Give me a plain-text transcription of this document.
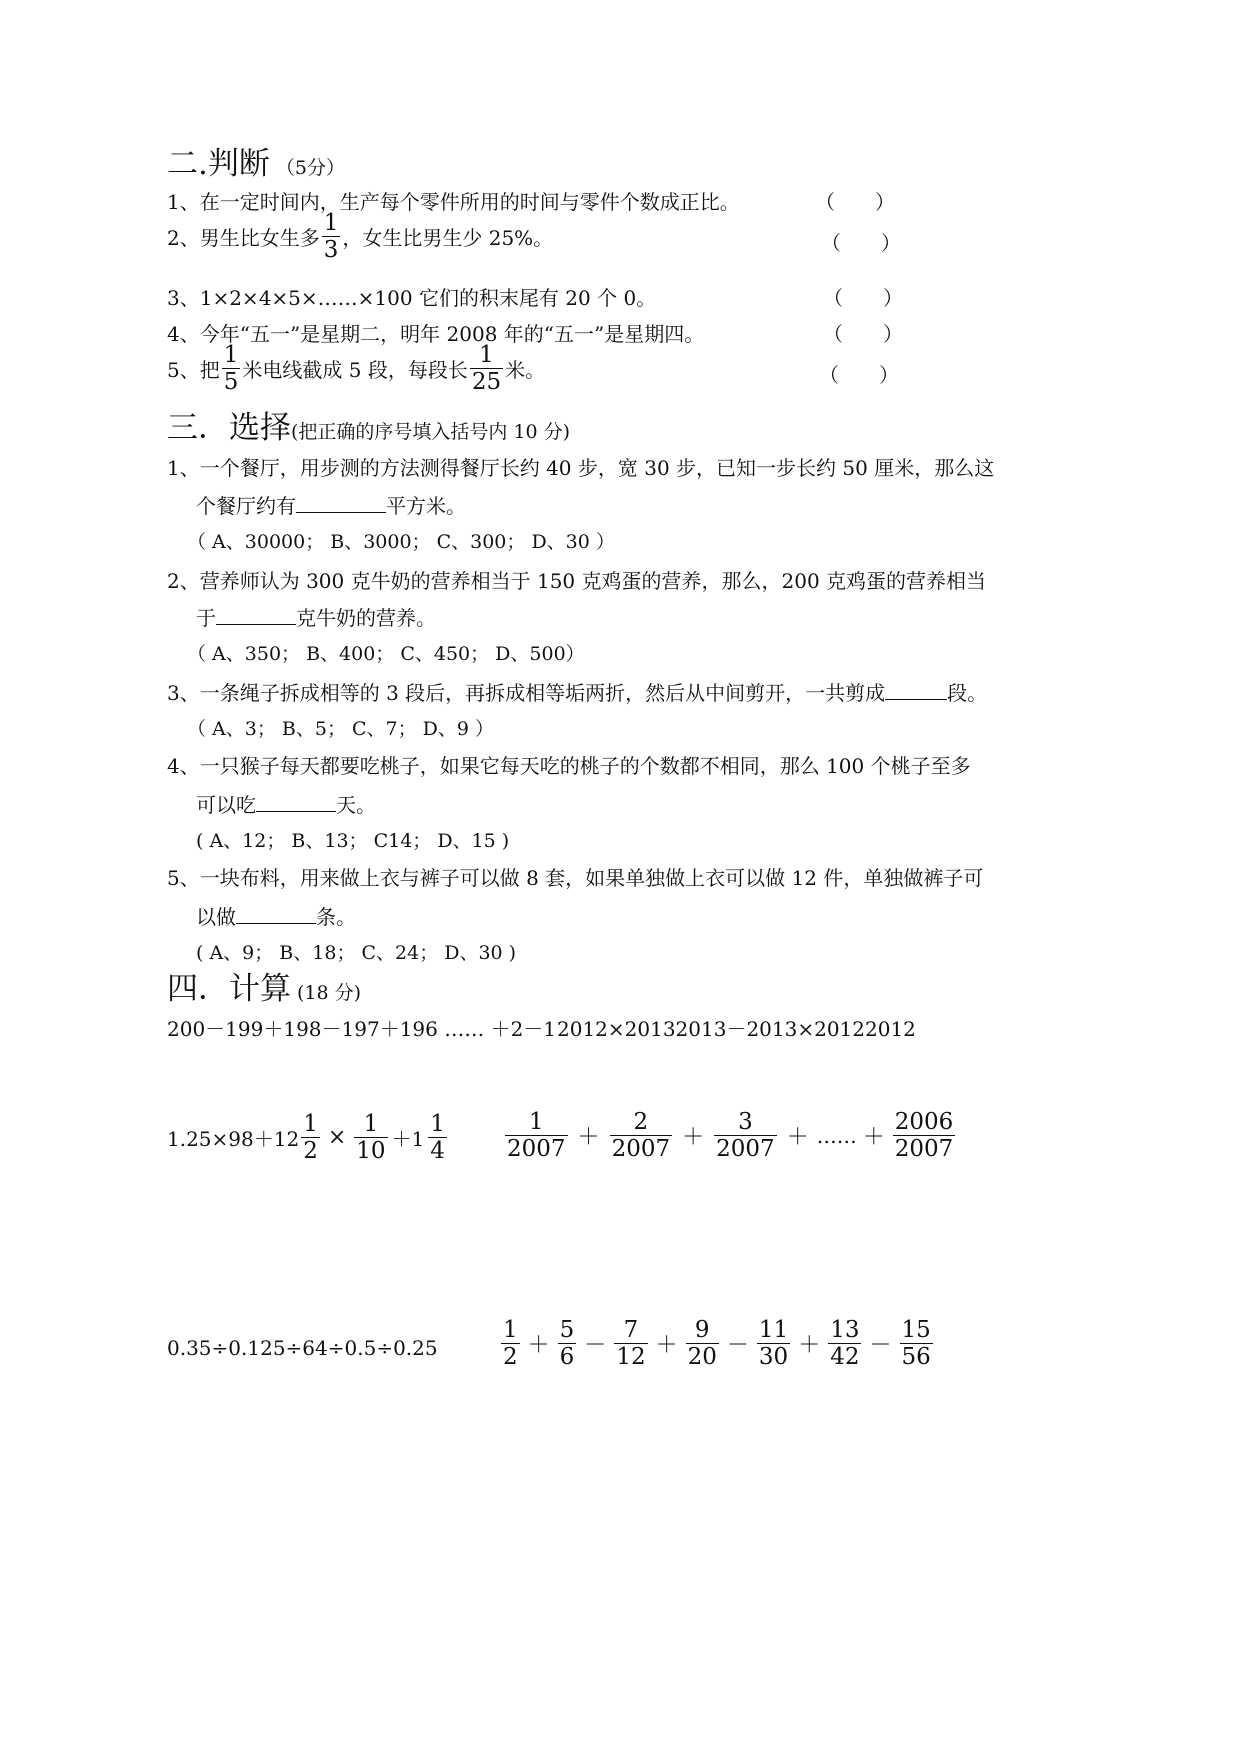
二.判断 （5分）
1、在一定时间内，生产每个零件所用的时间与零件个数成正比。	（　　）
2、男生比女生多 $\frac{1}{3}$ ，女生比男生少 25%。	（　　）
3、1×2×4×5×……×100 它们的积末尾有 20 个 0。	（　　）
4、今年“五一”是星期二，明年 2008 年的“五一”是星期四。	（　　）
5、把 $\frac{1}{5}$ 米电线截成 5 段，每段长 $\frac{1}{25}$ 米。	（　　）
三．选择(把正确的序号填入括号内 10 分)
1、一个餐厅，用步测的方法测得餐厅长约 40 步，宽 30 步，已知一步长约 50 厘米，那么这
个餐厅约有	平方米。
（ A、30000； B、3000； C、300； D、30 ）
2、营养师认为 300 克牛奶的营养相当于 150 克鸡蛋的营养，那么，200 克鸡蛋的营养相当
于	克牛奶的营养。
（ A、350； B、400； C、450； D、500）
3、一条绳子拆成相等的 3 段后，再拆成相等垢两折，然后从中间剪开，一共剪成	段。
（ A、3； B、5； C、7； D、9 ）
4、一只猴子每天都要吃桃子，如果它每天吃的桃子的个数都不相同，那么 100 个桃子至多
可以吃	天。
( A、12； B、13； C14； D、15 )
5、一块布料，用来做上衣与裤子可以做 8 套，如果单独做上衣可以做 12 件，单独做裤子可
以做	条。
( A、9； B、18； C、24； D、30 )
四．计算 (18 分)
200－199＋198－197＋196 …… ＋2－1 2012×20132013－2013×20122012
$1.25\times 98+12 \frac{1}{2} \times \frac{1}{10} +1 \frac{1}{4}$	$\frac{1}{2007} + \frac{2}{2007} + \frac{3}{2007}$ ＋ …… ＋ $\frac{2006}{2007}$
0.35÷0.125÷64÷0.5÷0.25	$\frac{1}{2} + \frac{5}{6} - \frac{7}{12} + \frac{9}{20} - \frac{11}{30} + \frac{13}{42} - \frac{15}{56}$
